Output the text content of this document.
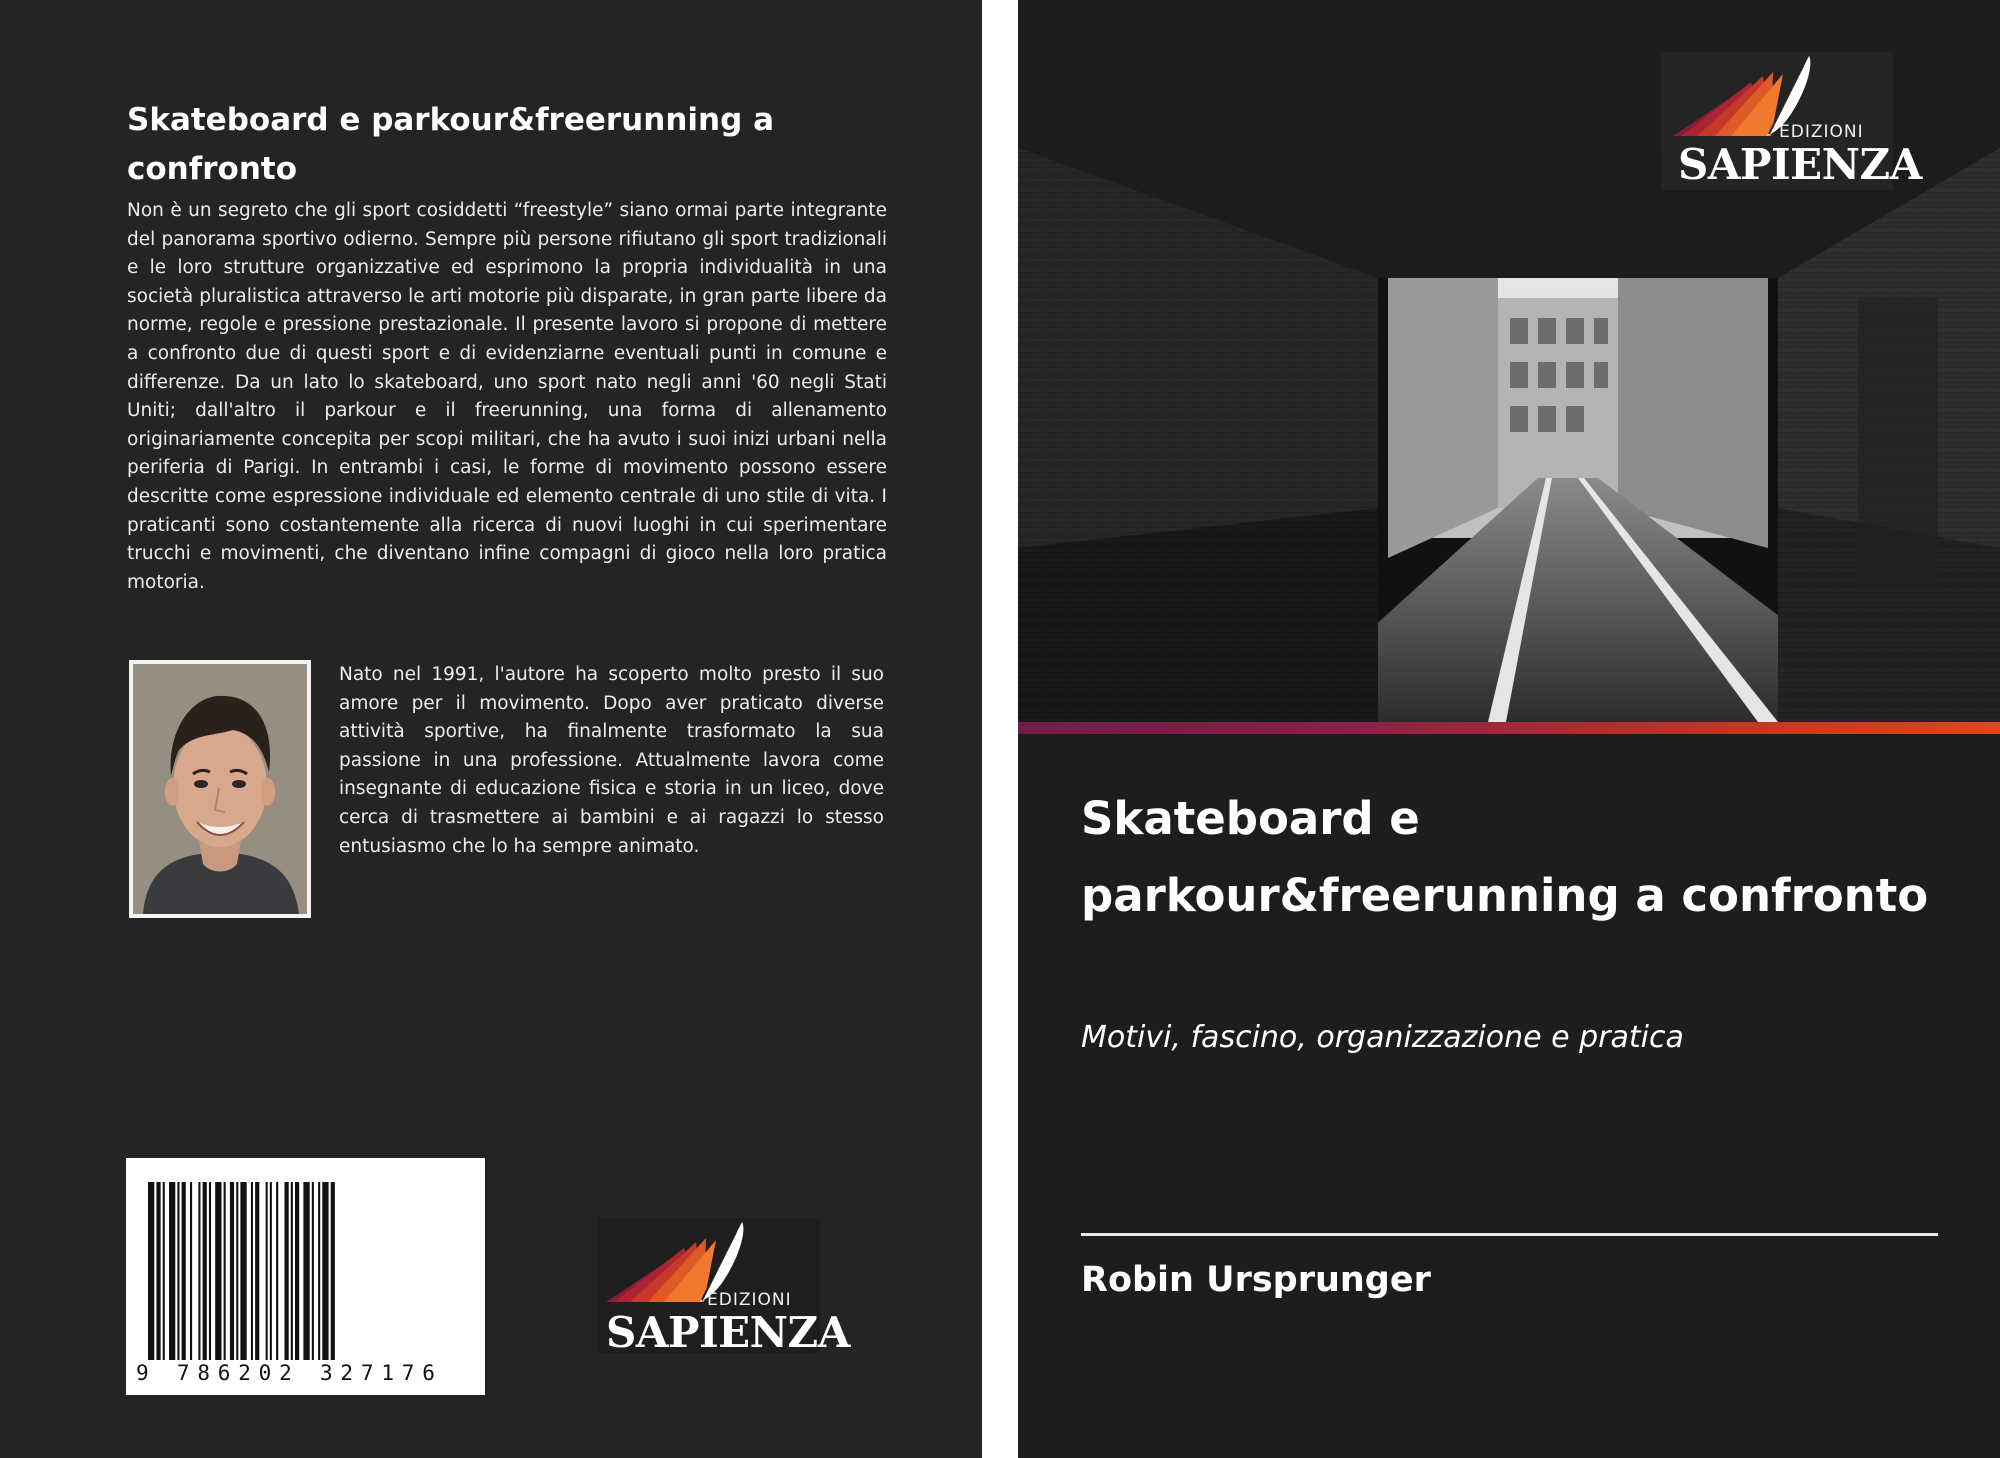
Skateboard e parkour&freerunning a confronto

Non è un segreto che gli sport cosiddetti “freestyle” siano ormai parte integrante del panorama sportivo odierno. Sempre più persone rifiutano gli sport tradizionali e le loro strutture organizzative ed esprimono la propria individualità in una società pluralistica attraverso le arti motorie più disparate, in gran parte libere da norme, regole e pressione prestazionale. Il presente lavoro si propone di mettere a confronto due di questi sport e di evidenziarne eventuali punti in comune e differenze. Da un lato lo skateboard, uno sport nato negli anni '60 negli Stati Uniti; dall'altro il parkour e il freerunning, una forma di allenamento originariamente concepita per scopi militari, che ha avuto i suoi inizi urbani nella periferia di Parigi. In entrambi i casi, le forme di movimento possono essere descritte come espressione individuale ed elemento centrale di uno stile di vita. I praticanti sono costantemente alla ricerca di nuovi luoghi in cui sperimentare trucchi e movimenti, che diventano infine compagni di gioco nella loro pratica motoria.

Nato nel 1991, l'autore ha scoperto molto presto il suo amore per il movimento. Dopo aver praticato diverse attività sportive, ha finalmente trasformato la sua passione in una professione. Attualmente lavora come insegnante di educazione fisica e storia in un liceo, dove cerca di trasmettere ai bambini e ai ragazzi lo stesso entusiasmo che lo ha sempre animato.

9 786202 327176
EDIZIONI
SAPIENZA
EDIZIONI
SAPIENZA
Skateboard e parkour&freerunning a confronto

Motivi, fascino, organizzazione e pratica

Robin Ursprunger
